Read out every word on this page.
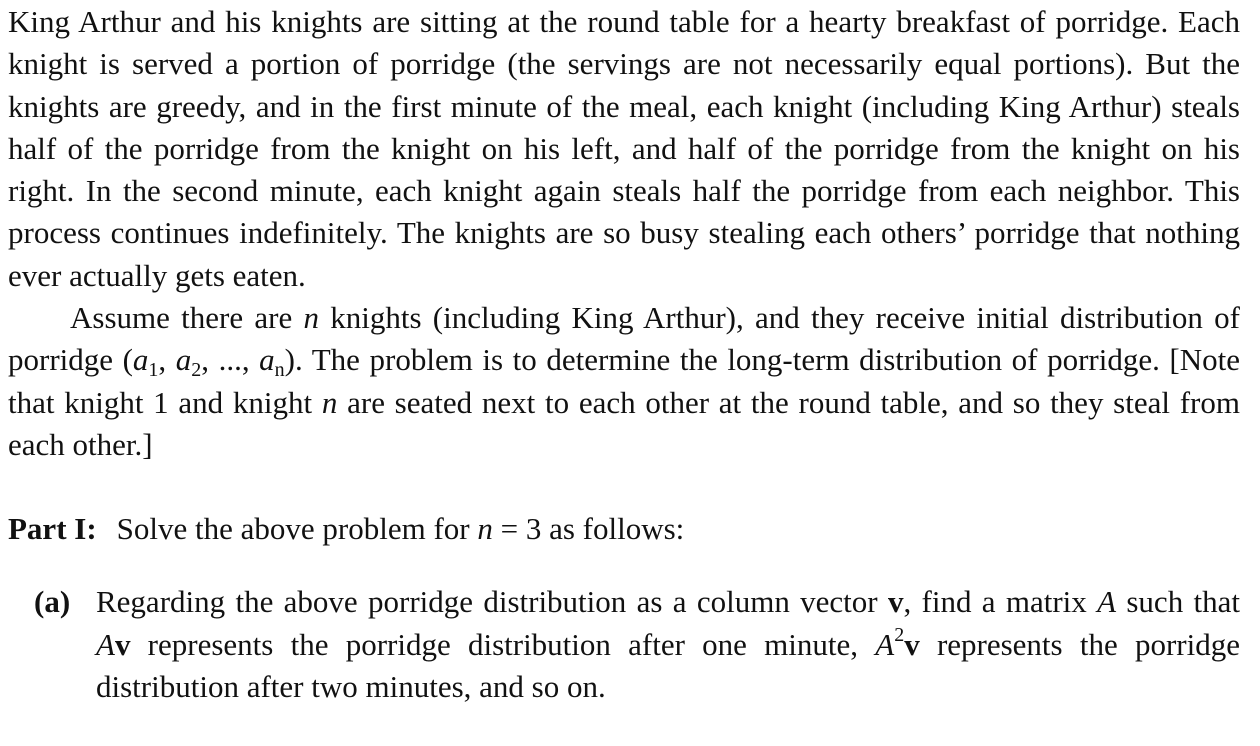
King Arthur and his knights are sitting at the round table for a hearty breakfast of porridge. Each knight is served a portion of porridge (the servings are not necessarily equal portions). But the knights are greedy, and in the first minute of the meal, each knight (including King Arthur) steals half of the porridge from the knight on his left, and half of the porridge from the knight on his right. In the second minute, each knight again steals half the porridge from each neighbor. This process continues indefinitely. The knights are so busy stealing each others’ porridge that nothing ever actually gets eaten.

Assume there are n knights (including King Arthur), and they receive initial distribution of porridge ($a_1$, $a_2$, ..., $a_n$). The problem is to determine the long-term distribution of porridge. [Note that knight 1 and knight n are seated next to each other at the round table, and so they steal from each other.]

Part I: Solve the above problem for n = 3 as follows:

(a) Regarding the above porridge distribution as a column vector v, find a matrix A such that Av represents the porridge distribution after one minute, $A^2v$ represents the porridge distribution after two minutes, and so on.
